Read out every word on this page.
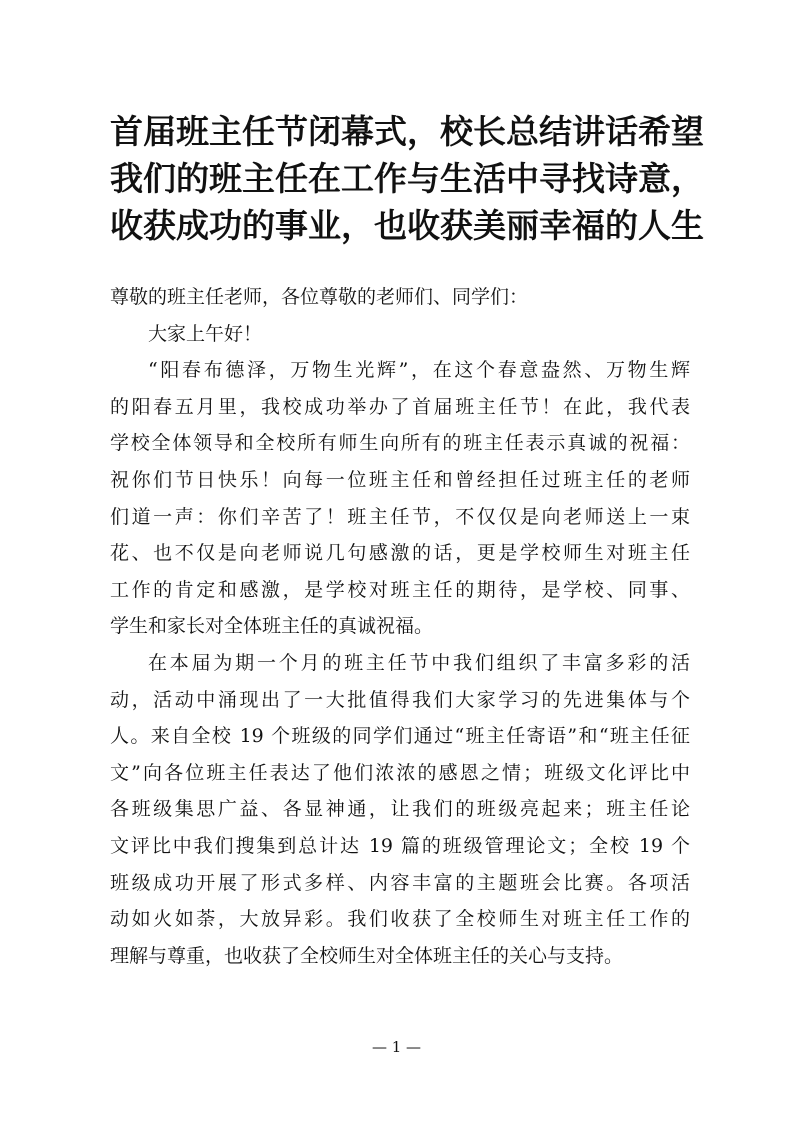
首届班主任节闭幕式，校长总结讲话希望
我们的班主任在工作与生活中寻找诗意，
收获成功的事业，也收获美丽幸福的人生
尊敬的班主任老师，各位尊敬的老师们、同学们：
大家上午好！
“阳春布德泽，万物生光辉”，在这个春意盎然、万物生辉
的阳春五月里，我校成功举办了首届班主任节！在此，我代表
学校全体领导和全校所有师生向所有的班主任表示真诚的祝福：
祝你们节日快乐！向每一位班主任和曾经担任过班主任的老师
们道一声：你们辛苦了！班主任节，不仅仅是向老师送上一束
花、也不仅是向老师说几句感激的话，更是学校师生对班主任
工作的肯定和感激，是学校对班主任的期待，是学校、同事、
学生和家长对全体班主任的真诚祝福。
在本届为期一个月的班主任节中我们组织了丰富多彩的活
动，活动中涌现出了一大批值得我们大家学习的先进集体与个
人。来自全校 19 个班级的同学们通过“班主任寄语”和“班主任征
文”向各位班主任表达了他们浓浓的感恩之情；班级文化评比中
各班级集思广益、各显神通，让我们的班级亮起来；班主任论
文评比中我们搜集到总计达 19 篇的班级管理论文；全校 19 个
班级成功开展了形式多样、内容丰富的主题班会比赛。各项活
动如火如荼，大放异彩。我们收获了全校师生对班主任工作的
理解与尊重，也收获了全校师生对全体班主任的关心与支持。
— 1 —
